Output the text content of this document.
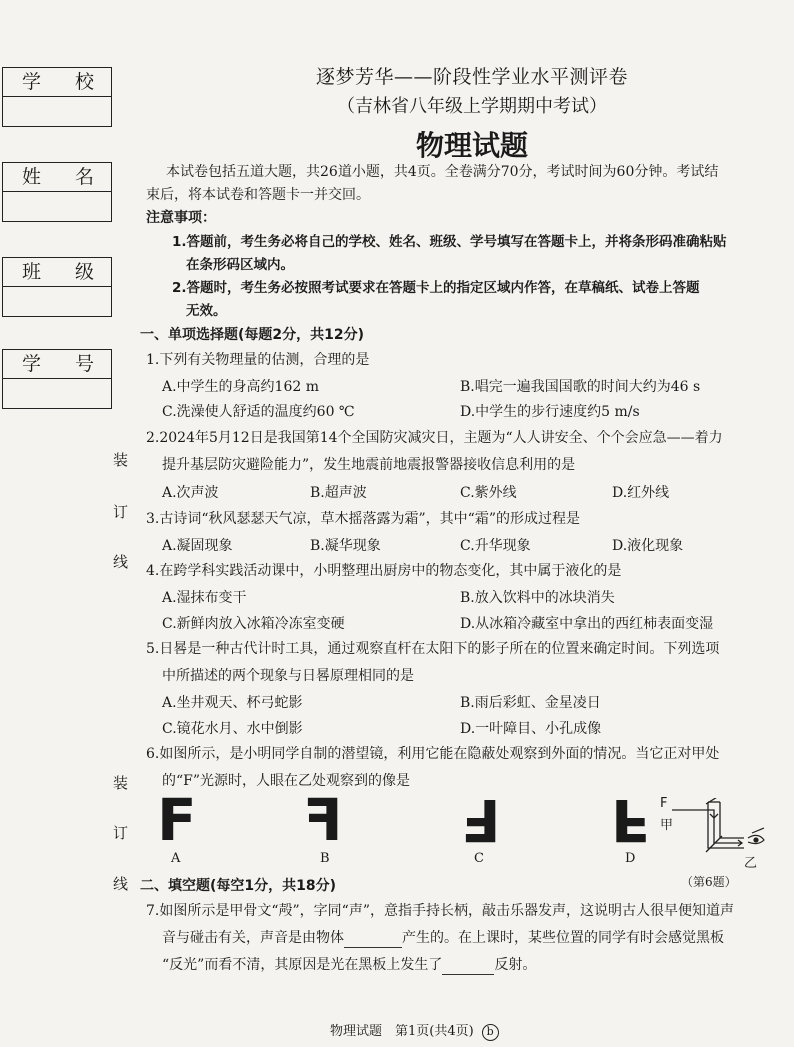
学 校
姓 名
班 级
学 号
装
订
线
装
订
线
逐梦芳华——阶段性学业水平测评卷
（吉林省八年级上学期期中考试）
物理试题
本试卷包括五道大题，共26道小题，共4页。全卷满分70分，考试时间为60分钟。考试结
束后，将本试卷和答题卡一并交回。
注意事项：
1.答题前，考生务必将自己的学校、姓名、班级、学号填写在答题卡上，并将条形码准确粘贴
在条形码区域内。
2.答题时，考生务必按照考试要求在答题卡上的指定区域内作答，在草稿纸、试卷上答题
无效。
一、单项选择题(每题2分，共12分)
1.下列有关物理量的估测，合理的是
A.中学生的身高约162 m	B.唱完一遍我国国歌的时间大约为46 s
C.洗澡使人舒适的温度约60 ℃	D.中学生的步行速度约5 m/s
2.2024年5月12日是我国第14个全国防灾减灾日，主题为“人人讲安全、个个会应急——着力
提升基层防灾避险能力”，发生地震前地震报警器接收信息利用的是
A.次声波	B.超声波	C.紫外线	D.红外线
3.古诗词“秋风瑟瑟天气凉，草木摇落露为霜”，其中“霜”的形成过程是
A.凝固现象	B.凝华现象	C.升华现象	D.液化现象
4.在跨学科实践活动课中，小明整理出厨房中的物态变化，其中属于液化的是
A.湿抹布变干	B.放入饮料中的冰块消失
C.新鲜肉放入冰箱冷冻室变硬	D.从冰箱冷藏室中拿出的西红柿表面变湿
5.日晷是一种古代计时工具，通过观察直杆在太阳下的影子所在的位置来确定时间。下列选项
中所描述的两个现象与日晷原理相同的是
A.坐井观天、杯弓蛇影	B.雨后彩虹、金星凌日
C.镜花水月、水中倒影	D.一叶障目、小孔成像
6.如图所示，是小明同学自制的潜望镜，利用它能在隐蔽处观察到外面的情况。当它正对甲处
的“F”光源时，人眼在乙处观察到的像是
F F F F
A	B	C	D
F
甲
乙
（第6题）
二、填空题(每空1分，共18分)
7.如图所示是甲骨文“殸”，字同“声”，意指手持长柄，敲击乐器发声，这说明古人很早便知道声
音与碰击有关，声音是由物体	产生的。在上课时，某些位置的同学有时会感觉黑板
“反光”而看不清，其原因是光在黑板上发生了	反射。
物理试题　第1页(共4页) b
